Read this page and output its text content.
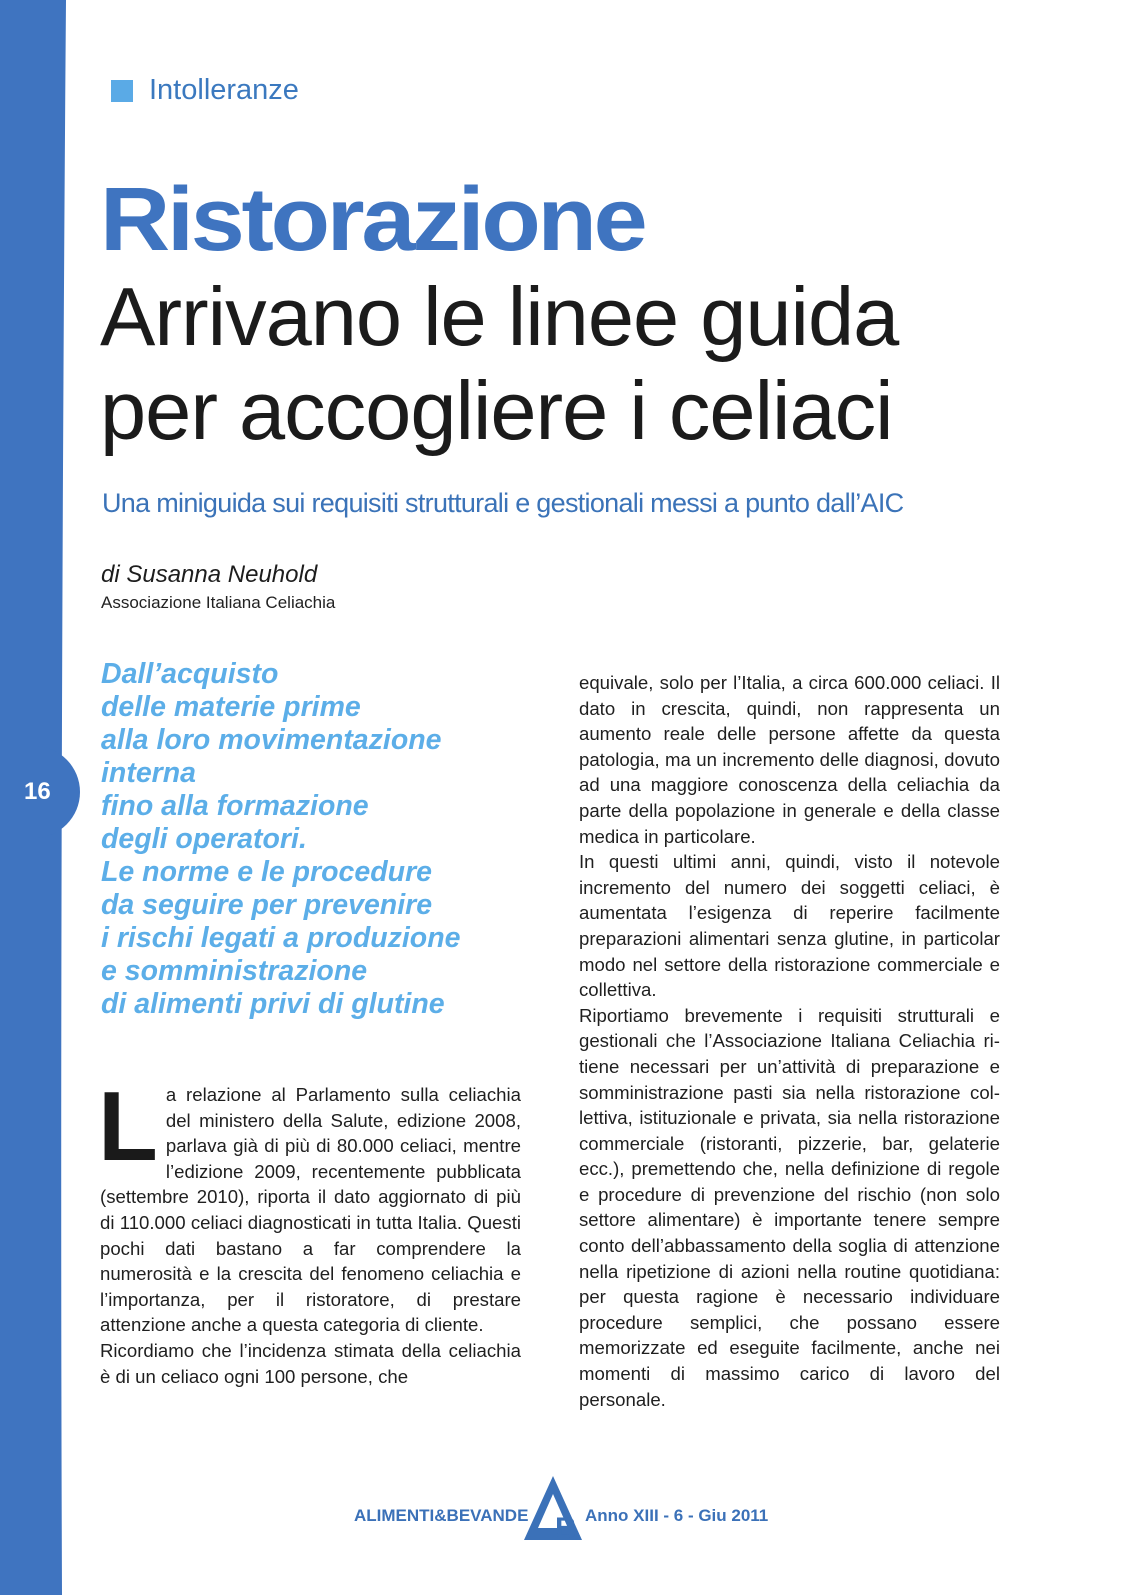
16
Intolleranze
Ristorazione
Arrivano le linee guida
per accogliere i celiaci
Una miniguida sui requisiti strutturali e gestionali messi a punto dall’AIC
di Susanna Neuhold
Associazione Italiana Celiachia
Dall’acquisto
delle materie prime
alla loro movimentazione
interna
fino alla formazione
degli operatori.
Le norme e le procedure
da seguire per prevenire
i rischi legati a produzione
e somministrazione
di alimenti privi di glutine

La relazione al Parlamento sulla celiachia del ministero della Salute, edizione 2008, parlava già di più di 80.000 celiaci, mentre l’edizione 2009, recentemente pubblicata (settembre 2010), riporta il dato aggiornato di più di 110.000 celiaci diagnosticati in tutta Italia. Questi pochi dati bastano a far comprendere la numerosità e la crescita del fenomeno celiachia e l’importanza, per il ristoratore, di prestare attenzione anche a questa categoria di cliente.

Ricordiamo che l’incidenza stimata della celiachia è di un celiaco ogni 100 persone, che

equivale, solo per l’Italia, a circa 600.000 celiaci. Il dato in crescita, quindi, non rappresenta un aumento reale delle persone affette da questa patologia, ma un incremento delle diagnosi, dovuto ad una maggiore conoscenza della celiachia da parte della popolazione in generale e della classe medica in particolare.

In questi ultimi anni, quindi, visto il notevole incremento del numero dei soggetti celiaci, è aumentata l’esigenza di reperire facilmente preparazioni alimentari senza glutine, in particolar modo nel settore della ristorazione commerciale e collettiva.

Riportiamo brevemente i requisiti strutturali e gestionali che l’Associazione Italiana Celiachia ritiene necessari per un’attività di preparazione e somministrazione pasti sia nella ristorazione collettiva, istituzionale e privata, sia nella ristorazione commerciale (ristoranti, pizzerie, bar, gelaterie ecc.), premettendo che, nella definizione di regole e procedure di prevenzione del rischio (non solo settore alimentare) è importante tenere sempre conto dell’abbassamento della soglia di attenzione nella ripetizione di azioni nella routine quotidiana: per questa ragione è necessario individuare procedure semplici, che possano essere memorizzate ed eseguite facilmente, anche nei momenti di massimo carico di lavoro del personale.

ALIMENTI&BEVANDE B Anno XIII - 6 - Giu 2011
